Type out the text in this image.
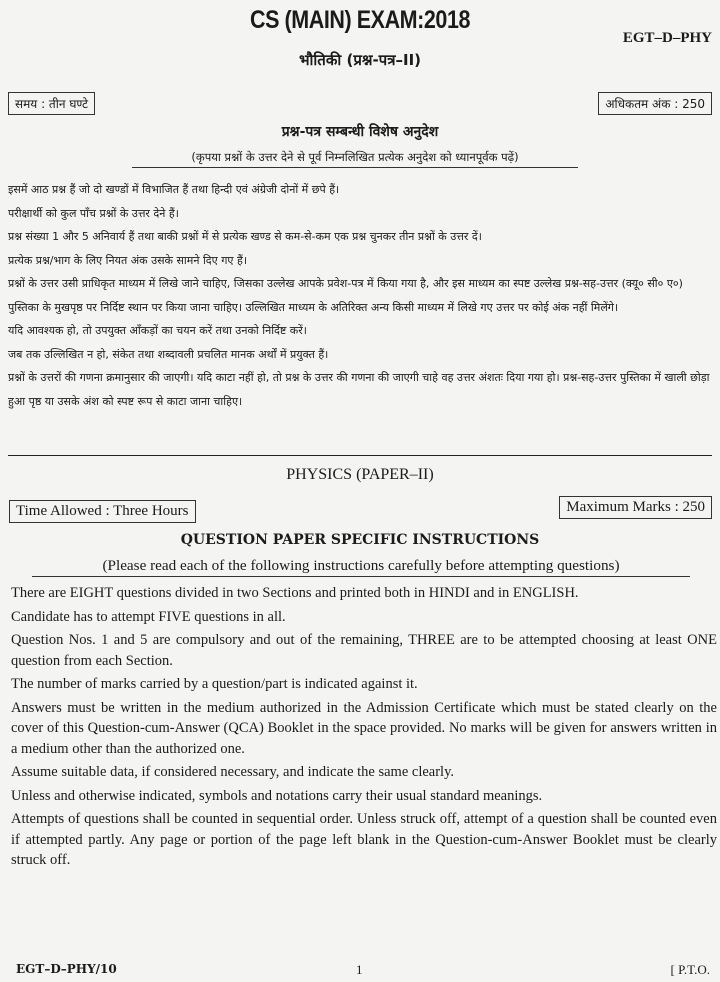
CS (MAIN) EXAM:2018
EGT–D–PHY
भौतिकी (प्रश्न-पत्र–II)
समय : तीन घण्टे	अधिकतम अंक : 250
प्रश्न-पत्र सम्बन्धी विशेष अनुदेश
(कृपया प्रश्नों के उत्तर देने से पूर्व निम्नलिखित प्रत्येक अनुदेश को ध्यानपूर्वक पढ़ें)

इसमें आठ प्रश्न हैं जो दो खण्डों में विभाजित हैं तथा हिन्दी एवं अंग्रेजी दोनों में छपे हैं।

परीक्षार्थी को कुल पाँच प्रश्नों के उत्तर देने हैं।

प्रश्न संख्या 1 और 5 अनिवार्य हैं तथा बाकी प्रश्नों में से प्रत्येक खण्ड से कम-से-कम एक प्रश्न चुनकर तीन प्रश्नों के उत्तर दें।

प्रत्येक प्रश्न/भाग के लिए नियत अंक उसके सामने दिए गए हैं।

प्रश्नों के उत्तर उसी प्राधिकृत माध्यम में लिखे जाने चाहिए, जिसका उल्लेख आपके प्रवेश-पत्र में किया गया है, और इस माध्यम का स्पष्ट उल्लेख प्रश्न-सह-उत्तर (क्यू० सी० ए०) पुस्तिका के मुखपृष्ठ पर निर्दिष्ट स्थान पर किया जाना चाहिए। उल्लिखित माध्यम के अतिरिक्त अन्य किसी माध्यम में लिखे गए उत्तर पर कोई अंक नहीं मिलेंगे।

यदि आवश्यक हो, तो उपयुक्त आँकड़ों का चयन करें तथा उनको निर्दिष्ट करें।

जब तक उल्लिखित न हो, संकेत तथा शब्दावली प्रचलित मानक अर्थों में प्रयुक्त हैं।

प्रश्नों के उत्तरों की गणना क्रमानुसार की जाएगी। यदि काटा नहीं हो, तो प्रश्न के उत्तर की गणना की जाएगी चाहे वह उत्तर अंशतः दिया गया हो। प्रश्न-सह-उत्तर पुस्तिका में खाली छोड़ा हुआ पृष्ठ या उसके अंश को स्पष्ट रूप से काटा जाना चाहिए।

PHYSICS (PAPER–II)
Time Allowed : Three Hours	Maximum Marks : 250
QUESTION PAPER SPECIFIC INSTRUCTIONS
(Please read each of the following instructions carefully before attempting questions)

There are EIGHT questions divided in two Sections and printed both in HINDI and in ENGLISH.

Candidate has to attempt FIVE questions in all.

Question Nos. 1 and 5 are compulsory and out of the remaining, THREE are to be attempted choosing at least ONE question from each Section.

The number of marks carried by a question/part is indicated against it.

Answers must be written in the medium authorized in the Admission Certificate which must be stated clearly on the cover of this Question-cum-Answer (QCA) Booklet in the space provided. No marks will be given for answers written in a medium other than the authorized one.

Assume suitable data, if considered necessary, and indicate the same clearly.

Unless and otherwise indicated, symbols and notations carry their usual standard meanings.

Attempts of questions shall be counted in sequential order. Unless struck off, attempt of a question shall be counted even if attempted partly. Any page or portion of the page left blank in the Question-cum-Answer Booklet must be clearly struck off.

EGT–D–PHY/10	1	[ P.T.O.
